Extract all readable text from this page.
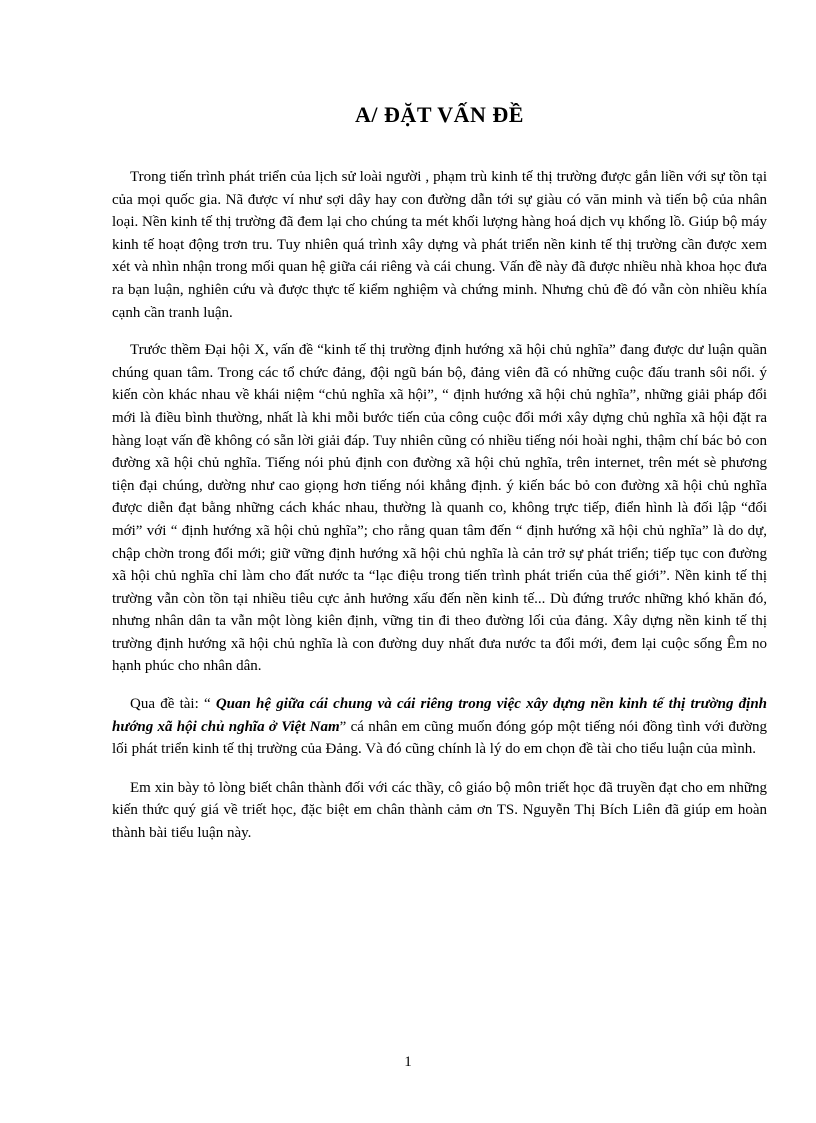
A/ ĐẶT VẤN ĐỀ

Trong tiến trình phát triển của lịch sử loài người , phạm trù kinh tế thị trường được gắn liền với sự tồn tại của mọi quốc gia. Nã được ví như sợi dây hay con đường dẫn tới sự giàu có văn minh và tiến bộ của nhân loại. Nền kinh tế thị trường đã đem lại cho chúng ta mét khối lượng hàng hoá dịch vụ khổng lồ. Giúp bộ máy kinh tế hoạt động trơn tru. Tuy nhiên quá trình xây dựng và phát triển nền kinh tế thị trường cần được xem xét và nhìn nhận trong mối quan hệ giữa cái riêng và cái chung. Vấn đề này đã được nhiều nhà khoa học đưa ra bạn luận, nghiên cứu và được thực tế kiểm nghiệm và chứng minh. Nhưng chủ đề đó vẫn còn nhiều khía cạnh cần tranh luận.

Trước thềm Đại hội X, vấn đề “kinh tế thị trường định hướng xã hội chủ nghĩa” đang được dư luận quần chúng quan tâm. Trong các tổ chức đảng, đội ngũ bán bộ, đảng viên đã có những cuộc đấu tranh sôi nổi. ý kiến còn khác nhau về khái niệm “chủ nghĩa xã hội”, “ định hướng xã hội chủ nghĩa”, những giải pháp đổi mới là điều bình thường, nhất là khi mỗi bước tiến của công cuộc đổi mới xây dựng chủ nghĩa xã hội đặt ra hàng loạt vấn đề không có sẵn lời giải đáp. Tuy nhiên cũng có nhiều tiếng nói hoài nghi, thậm chí bác bỏ con đường xã hội chủ nghĩa. Tiếng nói phủ định con đường xã hội chủ nghĩa, trên internet, trên mét sè phương tiện đại chúng, dường như cao giọng hơn tiếng nói khẳng định. ý kiến bác bỏ con đường xã hội chủ nghĩa được diễn đạt bằng những cách khác nhau, thường là quanh co, không trực tiếp, điển hình là đối lập “đổi mới” với “ định hướng xã hội chủ nghĩa”; cho rằng quan tâm đến “ định hướng xã hội chủ nghĩa” là do dự, chập chờn trong đổi mới; giữ vững định hướng xã hội chủ nghĩa là cản trở sự phát triển; tiếp tục con đường xã hội chủ nghĩa chỉ làm cho đất nước ta “lạc điệu trong tiến trình phát triển của thế giới”. Nền kinh tế thị trường vẫn còn tồn tại nhiều tiêu cực ảnh hưởng xấu đến nền kinh tế... Dù đứng trước những khó khăn đó, nhưng nhân dân ta vẫn một lòng kiên định, vững tin đi theo đường lối của đảng. Xây dựng nền kinh tế thị trường định hướng xã hội chủ nghĩa là con đường duy nhất đưa nước ta đổi mới, đem lại cuộc sống Êm no hạnh phúc cho nhân dân.

Qua đề tài: “ Quan hệ giữa cái chung và cái riêng trong việc xây dựng nền kinh tế thị trường định hướng xã hội chủ nghĩa ở Việt Nam” cá nhân em cũng muốn đóng góp một tiếng nói đồng tình với đường lối phát triển kinh tế thị trường của Đảng. Và đó cũng chính là lý do em chọn đề tài cho tiểu luận của mình.

Em xin bày tỏ lòng biết chân thành đối với các thầy, cô giáo bộ môn triết học đã truyền đạt cho em những kiến thức quý giá về triết học, đặc biệt em chân thành cảm ơn TS. Nguyễn Thị Bích Liên đã giúp em hoàn thành bài tiểu luận này.

1
